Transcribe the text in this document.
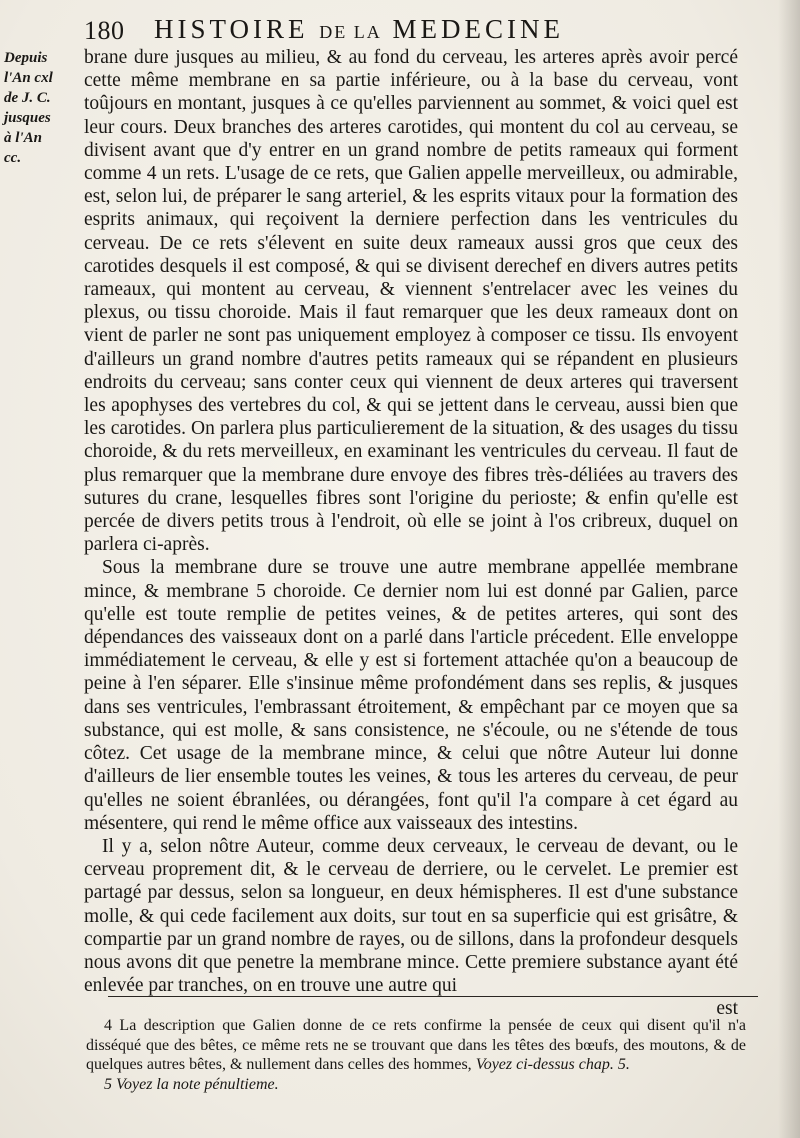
180 HISTOIRE DE LA MEDECINE
Depuis
l'An cxl
de J. C.
jusques
à l'An
cc.

brane dure jusques au milieu, & au fond du cerveau, les arteres après avoir percé cette même membrane en sa partie inférieure, ou à la base du cerveau, vont toûjours en montant, jusques à ce qu'elles parviennent au sommet, & voici quel est leur cours. Deux branches des arteres carotides, qui montent du col au cerveau, se divisent avant que d'y entrer en un grand nombre de petits rameaux qui forment comme 4 un rets. L'usage de ce rets, que Galien appelle merveilleux, ou admirable, est, selon lui, de préparer le sang arteriel, & les esprits vitaux pour la formation des esprits animaux, qui reçoivent la derniere perfection dans les ventricules du cerveau. De ce rets s'élevent en suite deux rameaux aussi gros que ceux des carotides desquels il est composé, & qui se divisent derechef en divers autres petits rameaux, qui montent au cerveau, & viennent s'entrelacer avec les veines du plexus, ou tissu choroide. Mais il faut remarquer que les deux rameaux dont on vient de parler ne sont pas uniquement employez à composer ce tissu. Ils envoyent d'ailleurs un grand nombre d'autres petits rameaux qui se répandent en plusieurs endroits du cerveau; sans conter ceux qui viennent de deux arteres qui traversent les apophyses des vertebres du col, & qui se jettent dans le cerveau, aussi bien que les carotides. On parlera plus particulierement de la situation, & des usages du tissu choroide, & du rets merveilleux, en examinant les ventricules du cerveau. Il faut de plus remarquer que la membrane dure envoye des fibres très-déliées au travers des sutures du crane, lesquelles fibres sont l'origine du perioste; & enfin qu'elle est percée de divers petits trous à l'endroit, où elle se joint à l'os cribreux, duquel on parlera ci-après.

Sous la membrane dure se trouve une autre membrane appellée membrane mince, & membrane 5 choroide. Ce dernier nom lui est donné par Galien, parce qu'elle est toute remplie de petites veines, & de petites arteres, qui sont des dépendances des vaisseaux dont on a parlé dans l'article précedent. Elle enveloppe immédiatement le cerveau, & elle y est si fortement attachée qu'on a beaucoup de peine à l'en séparer. Elle s'insinue même profondément dans ses replis, & jusques dans ses ventricules, l'embrassant étroitement, & empêchant par ce moyen que sa substance, qui est molle, & sans consistence, ne s'écoule, ou ne s'étende de tous côtez. Cet usage de la membrane mince, & celui que nôtre Auteur lui donne d'ailleurs de lier ensemble toutes les veines, & tous les arteres du cerveau, de peur qu'elles ne soient ébranlées, ou dérangées, font qu'il l'a compare à cet égard au mésentere, qui rend le même office aux vaisseaux des intestins.

Il y a, selon nôtre Auteur, comme deux cerveaux, le cerveau de devant, ou le cerveau proprement dit, & le cerveau de derriere, ou le cervelet. Le premier est partagé par dessus, selon sa longueur, en deux hémispheres. Il est d'une substance molle, & qui cede facilement aux doits, sur tout en sa superficie qui est grisâtre, & compartie par un grand nombre de rayes, ou de sillons, dans la profondeur desquels nous avons dit que penetre la membrane mince. Cette premiere substance ayant été enlevée par tranches, on en trouve une autre qui

est

4 La description que Galien donne de ce rets confirme la pensée de ceux qui disent qu'il n'a disséqué que des bêtes, ce même rets ne se trouvant que dans les têtes des bœufs, des moutons, & de quelques autres bêtes, & nullement dans celles des hommes, Voyez ci-dessus chap. 5.

5 Voyez la note pénultieme.
